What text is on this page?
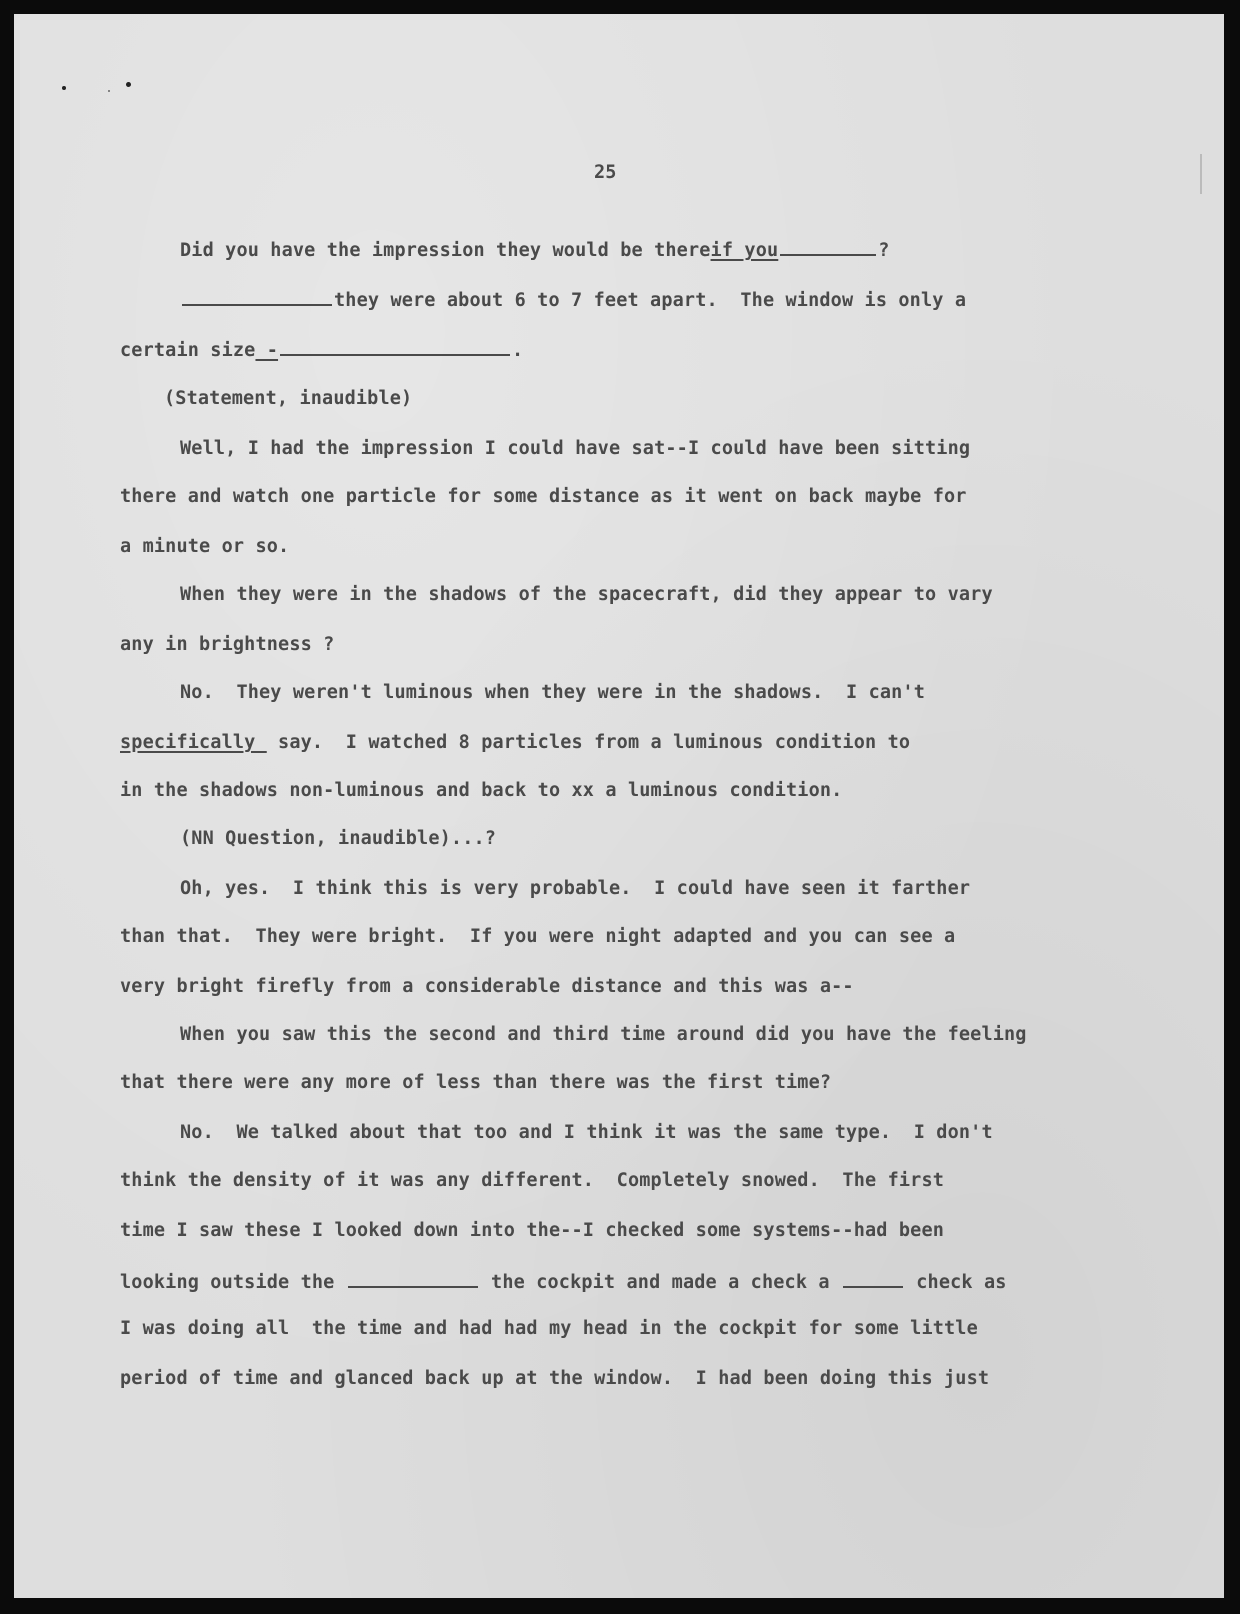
25
Did you have the impression they would be thereif you	?
they were about 6 to 7 feet apart.  The window is only a
certain size -	.
(Statement, inaudible)
Well, I had the impression I could have sat--I could have been sitting
there and watch one particle for some distance as it went on back maybe for
a minute or so.
When they were in the shadows of the spacecraft, did they appear to vary
any in brightness ?
No.  They weren't luminous when they were in the shadows.  I can't
specifically  say.  I watched 8 particles from a luminous condition to
in the shadows non-luminous and back to xx a luminous condition.
(NN Question, inaudible)...?
Oh, yes.  I think this is very probable.  I could have seen it farther
than that.  They were bright.  If you were night adapted and you can see a
very bright firefly from a considerable distance and this was a--
When you saw this the second and third time around did you have the feeling
that there were any more of less than there was the first time?
No.  We talked about that too and I think it was the same type.  I don't
think the density of it was any different.  Completely snowed.  The first
time I saw these I looked down into the--I checked some systems--had been
looking outside the	the cockpit and made a check a	check as
I was doing all  the time and had had my head in the cockpit for some little
period of time and glanced back up at the window.  I had been doing this just
